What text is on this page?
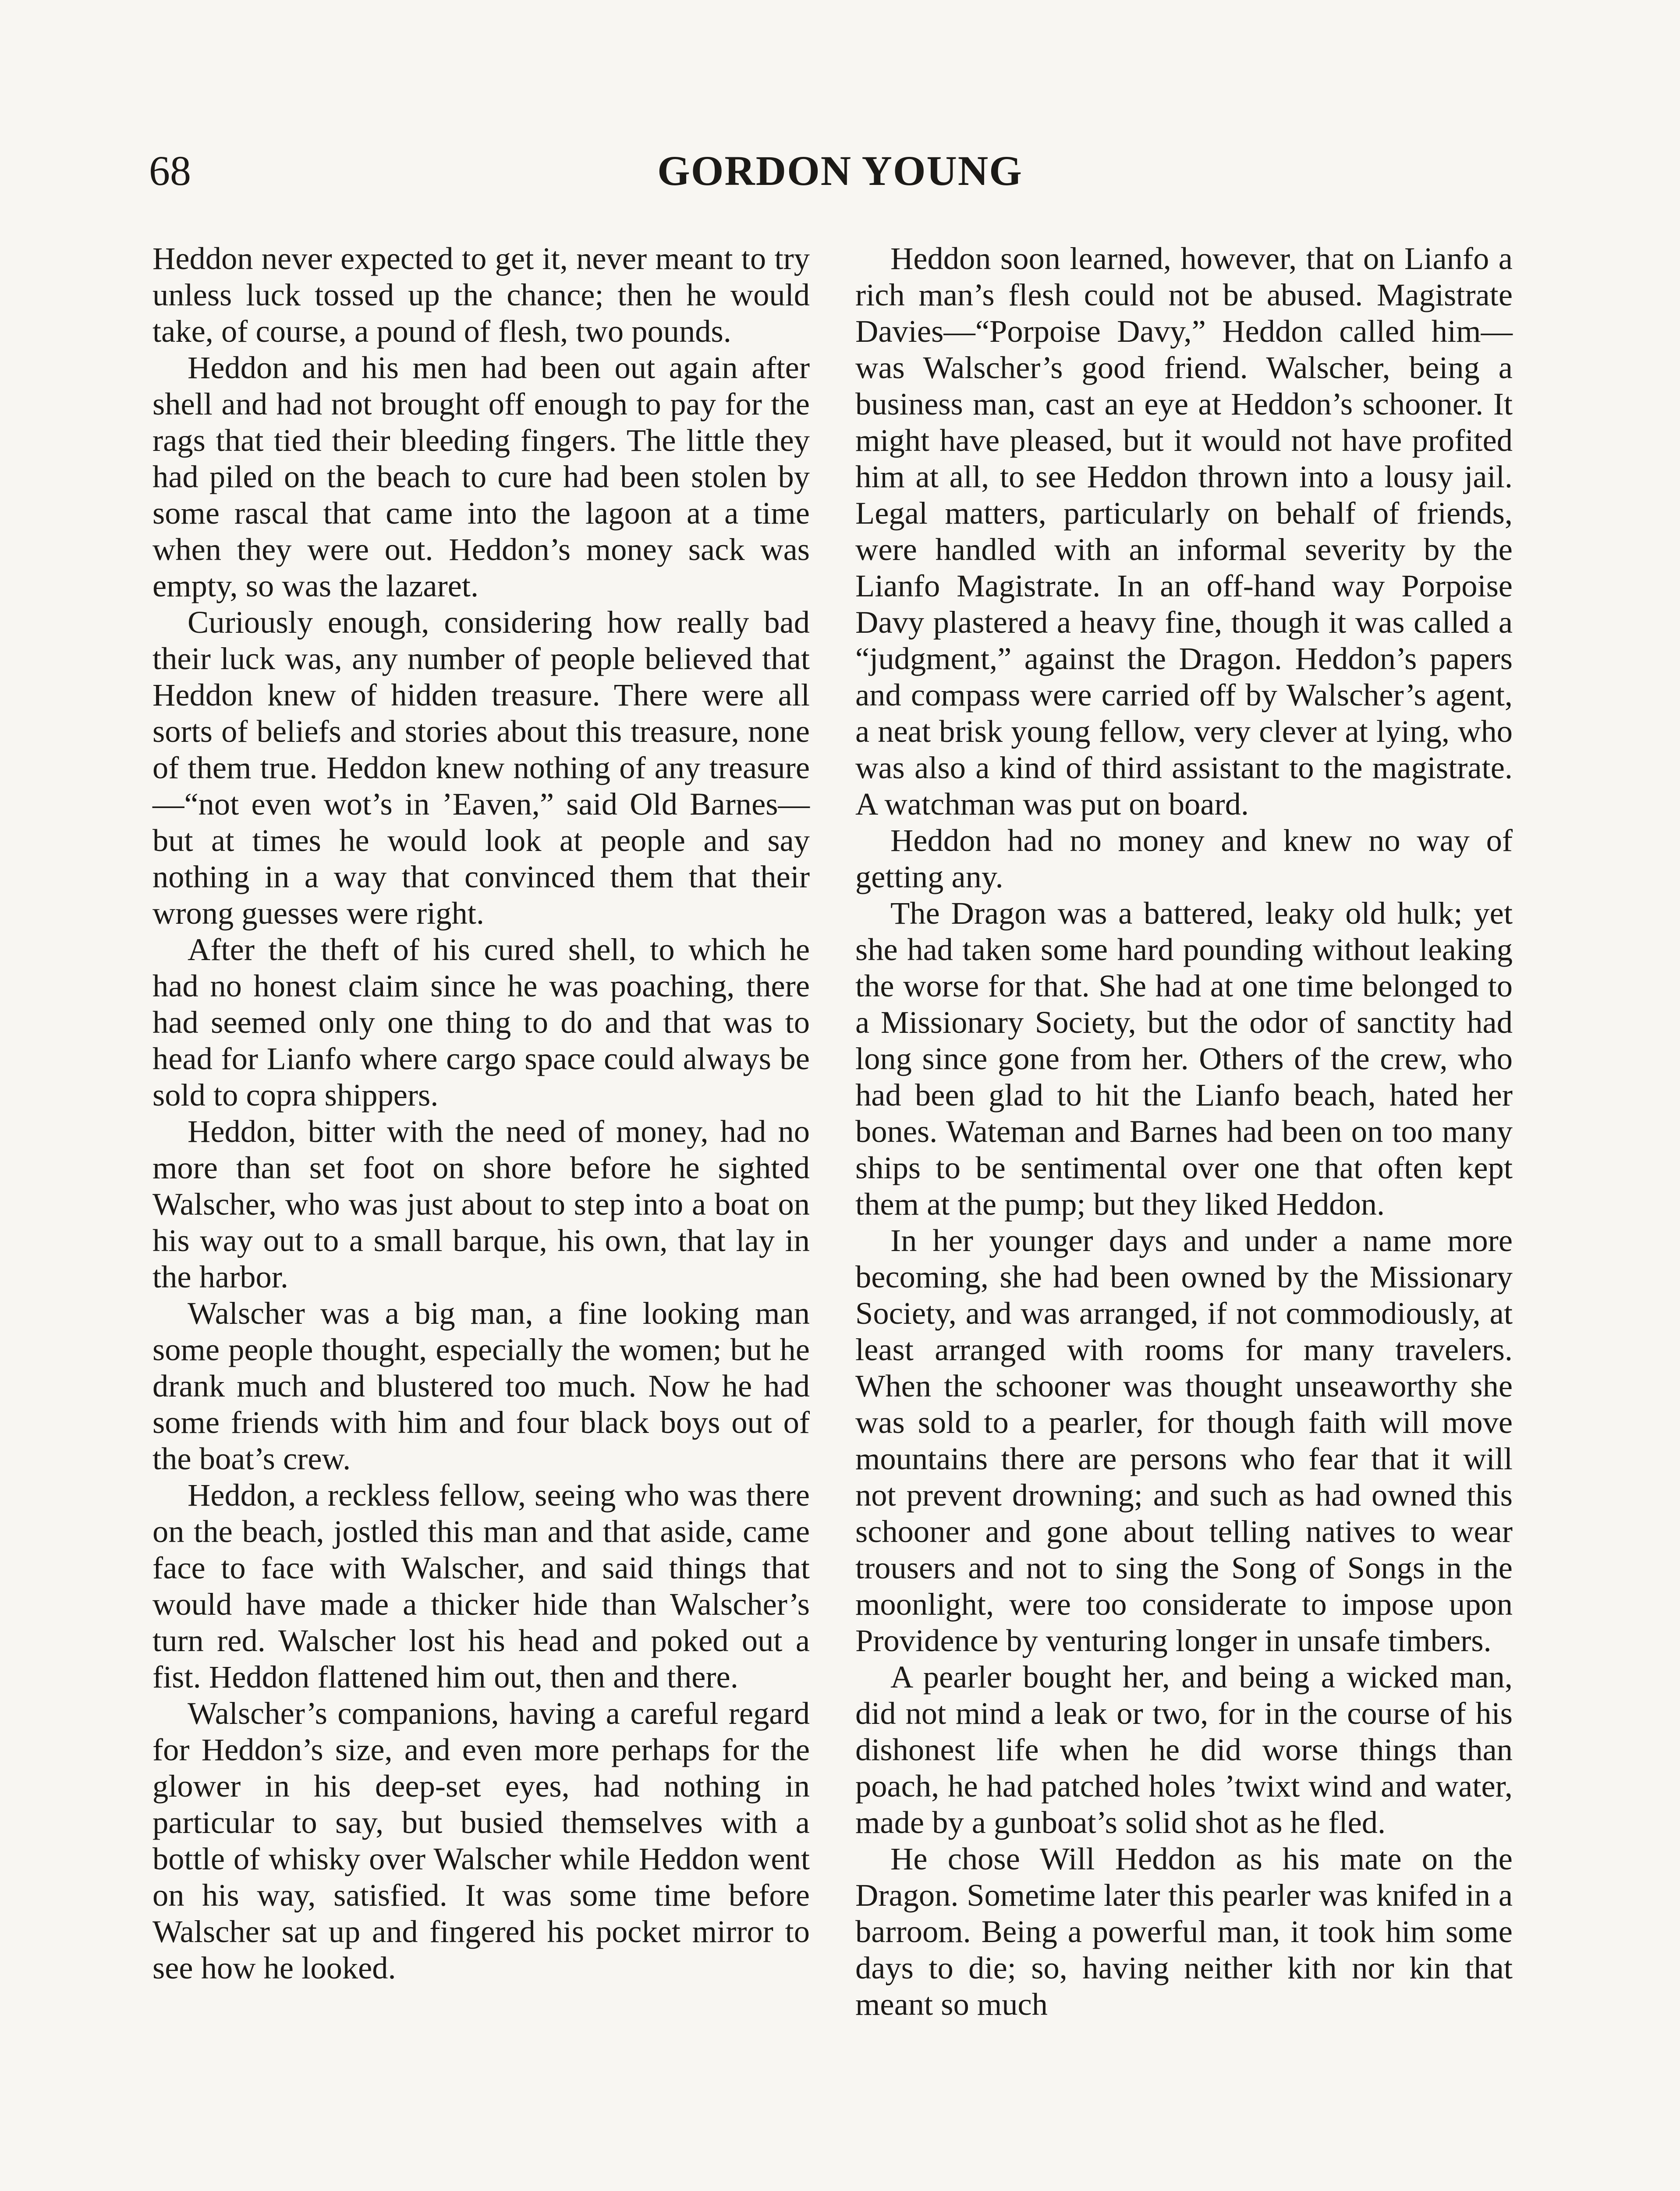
68	GORDON YOUNG

Heddon never expected to get it, never meant to try unless luck tossed up the chance; then he would take, of course, a pound of flesh, two pounds.

Heddon and his men had been out again after shell and had not brought off enough to pay for the rags that tied their bleeding fingers. The little they had piled on the beach to cure had been stolen by some rascal that came into the lagoon at a time when they were out. Heddon’s money sack was empty, so was the lazaret.

Curiously enough, considering how really bad their luck was, any number of people believed that Heddon knew of hidden treasure. There were all sorts of beliefs and stories about this treasure, none of them true. Heddon knew nothing of any treasure—“not even wot’s in ’Eaven,” said Old Barnes—but at times he would look at people and say nothing in a way that convinced them that their wrong guesses were right.

After the theft of his cured shell, to which he had no honest claim since he was poaching, there had seemed only one thing to do and that was to head for Lianfo where cargo space could always be sold to copra shippers.

Heddon, bitter with the need of money, had no more than set foot on shore before he sighted Walscher, who was just about to step into a boat on his way out to a small barque, his own, that lay in the harbor.

Walscher was a big man, a fine looking man some people thought, especially the women; but he drank much and blustered too much. Now he had some friends with him and four black boys out of the boat’s crew.

Heddon, a reckless fellow, seeing who was there on the beach, jostled this man and that aside, came face to face with Walscher, and said things that would have made a thicker hide than Walscher’s turn red. Walscher lost his head and poked out a fist. Heddon flattened him out, then and there.

Walscher’s companions, having a careful regard for Heddon’s size, and even more perhaps for the glower in his deep-set eyes, had nothing in particular to say, but busied themselves with a bottle of whisky over Walscher while Heddon went on his way, satisfied. It was some time before Walscher sat up and fingered his pocket mirror to see how he looked.

Heddon soon learned, however, that on Lianfo a rich man’s flesh could not be abused. Magistrate Davies—“Porpoise Davy,” Heddon called him—was Walscher’s good friend. Walscher, being a business man, cast an eye at Heddon’s schooner. It might have pleased, but it would not have profited him at all, to see Heddon thrown into a lousy jail. Legal matters, particularly on behalf of friends, were handled with an informal severity by the Lianfo Magistrate. In an off-hand way Porpoise Davy plastered a heavy fine, though it was called a “judgment,” against the Dragon. Heddon’s papers and compass were carried off by Walscher’s agent, a neat brisk young fellow, very clever at lying, who was also a kind of third assistant to the magistrate. A watchman was put on board.

Heddon had no money and knew no way of getting any.

The Dragon was a battered, leaky old hulk; yet she had taken some hard pounding without leaking the worse for that. She had at one time belonged to a Missionary Society, but the odor of sanctity had long since gone from her. Others of the crew, who had been glad to hit the Lianfo beach, hated her bones. Wateman and Barnes had been on too many ships to be sentimental over one that often kept them at the pump; but they liked Heddon.

In her younger days and under a name more becoming, she had been owned by the Missionary Society, and was arranged, if not commodiously, at least arranged with rooms for many travelers. When the schooner was thought unseaworthy she was sold to a pearler, for though faith will move mountains there are persons who fear that it will not prevent drowning; and such as had owned this schooner and gone about telling natives to wear trousers and not to sing the Song of Songs in the moonlight, were too considerate to impose upon Providence by venturing longer in unsafe timbers.

A pearler bought her, and being a wicked man, did not mind a leak or two, for in the course of his dishonest life when he did worse things than poach, he had patched holes ’twixt wind and water, made by a gunboat’s solid shot as he fled.

He chose Will Heddon as his mate on the Dragon. Sometime later this pearler was knifed in a barroom. Being a powerful man, it took him some days to die; so, having neither kith nor kin that meant so much
